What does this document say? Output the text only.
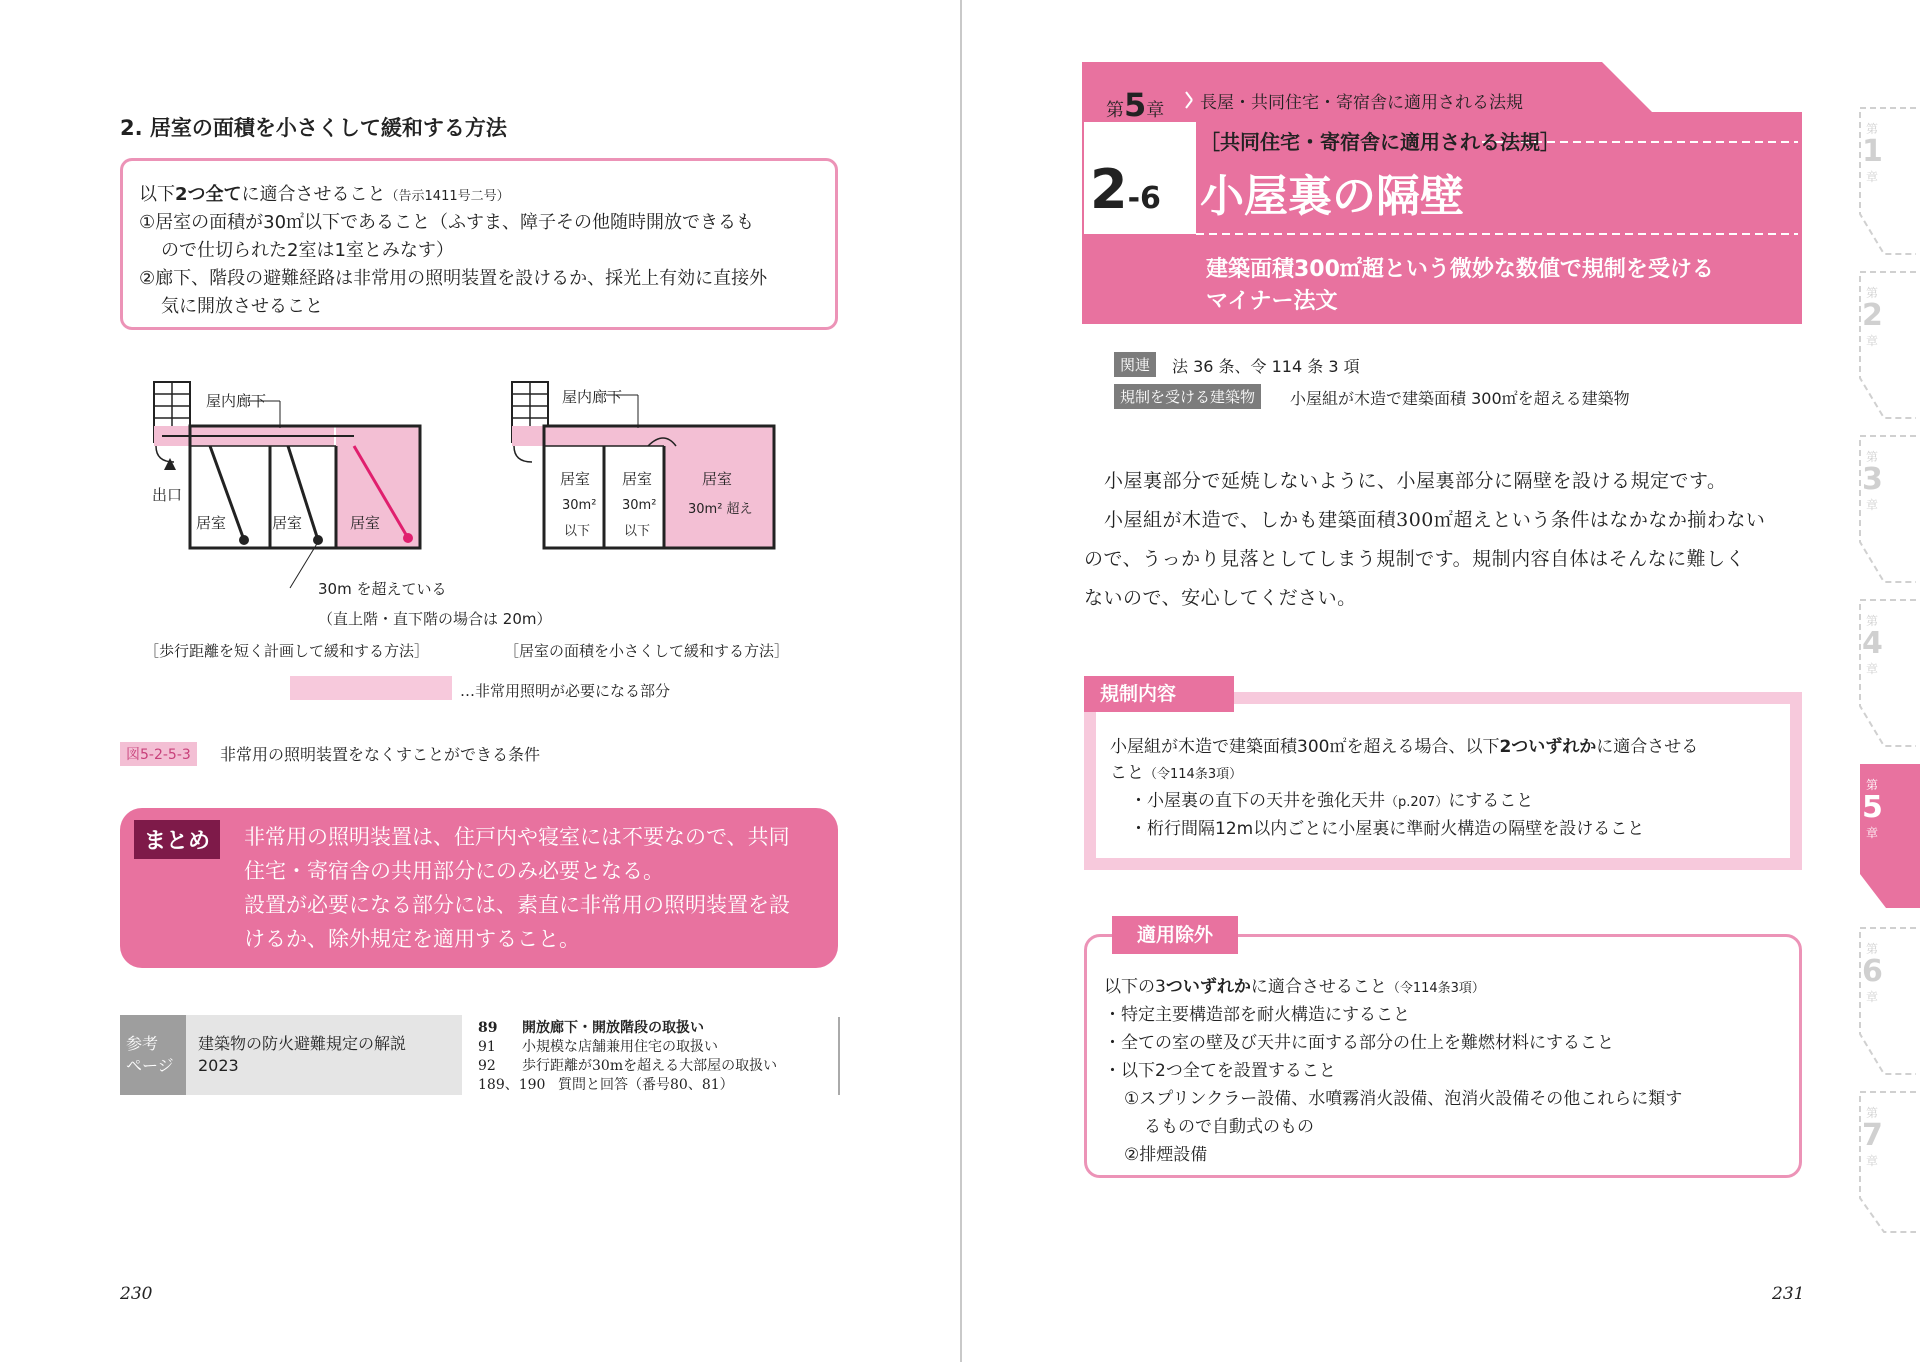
2. 居室の面積を小さくして緩和する方法
以下2つ全てに適合させること（告示1411号二号）
①居室の面積が30㎡以下であること（ふすま、障子その他随時開放できるも
ので仕切られた2室は1室とみなす）
②廊下、階段の避難経路は非常用の照明装置を設けるか、採光上有効に直接外
気に開放させること
屋内廊下
出口
居室	居室	居室
30m を超えている
（直上階・直下階の場合は 20m）
［歩行距離を短く計画して緩和する方法］
屋内廊下
居室
30m²
以下
居室
30m²
以下
居室
30m² 超え
［居室の面積を小さくして緩和する方法］
…非常用照明が必要になる部分
図5-2-5-3	非常用の照明装置をなくすことができる条件
まとめ	非常用の照明装置は、住戸内や寝室には不要なので、共同
住宅・寄宿舎の共用部分にのみ必要となる。
設置が必要になる部分には、素直に非常用の照明装置を設
けるか、除外規定を適用すること。
参考
ページ
建築物の防火避難規定の解説
2023
89 開放廊下・開放階段の取扱い
91 小規模な店舗兼用住宅の取扱い
92 歩行距離が30mを超える大部屋の取扱い
189、190 質問と回答（番号80、81）
230
第5章 長屋・共同住宅・寄宿舎に適用される法規
［共同住宅・寄宿舎に適用される法規］
2-6 小屋裏の隔壁
建築面積300㎡超という微妙な数値で規制を受ける
マイナー法文
関連	法 36 条、令 114 条 3 項
規制を受ける建築物	小屋組が木造で建築面積 300㎡を超える建築物
小屋裏部分で延焼しないように、小屋裏部分に隔壁を設ける規定です。
小屋組が木造で、しかも建築面積300㎡超えという条件はなかなか揃わない
ので、うっかり見落としてしまう規制です。規制内容自体はそんなに難しく
ないので、安心してください。
規制内容
小屋組が木造で建築面積300㎡を超える場合、以下2ついずれかに適合させる
こと（令114条3項）
・小屋裏の直下の天井を強化天井（p.207）にすること
・桁行間隔12m以内ごとに小屋裏に準耐火構造の隔壁を設けること
適用除外
以下の3ついずれかに適合させること（令114条3項）
・特定主要構造部を耐火構造にすること
・全ての室の壁及び天井に面する部分の仕上を難燃材料にすること
・以下2つ全てを設置すること
①スプリンクラー設備、水噴霧消火設備、泡消火設備その他これらに類す
るもので自動式のもの
②排煙設備
231
第
1
章
第
2
章
第
3
章
第
4
章
第
5
章
第
6
章
第
7
章
